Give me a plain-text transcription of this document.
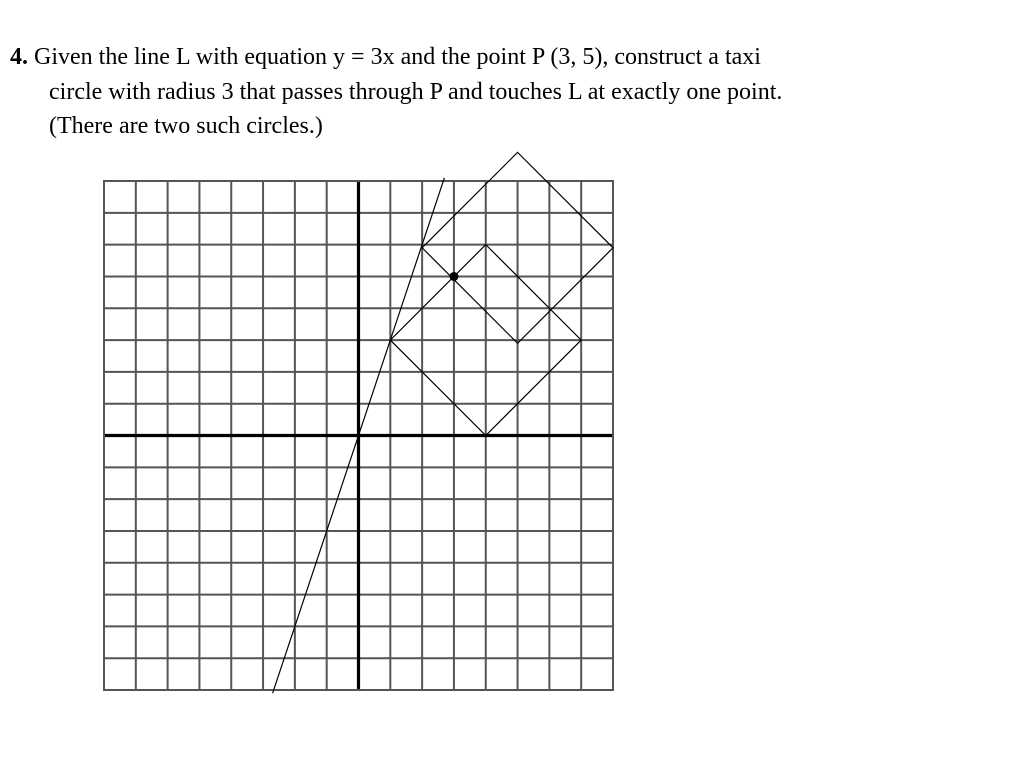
4. Given the line L with equation y = 3x and the point P (3, 5), construct a taxi
circle with radius 3 that passes through P and touches L at exactly one point.
(There are two such circles.)
